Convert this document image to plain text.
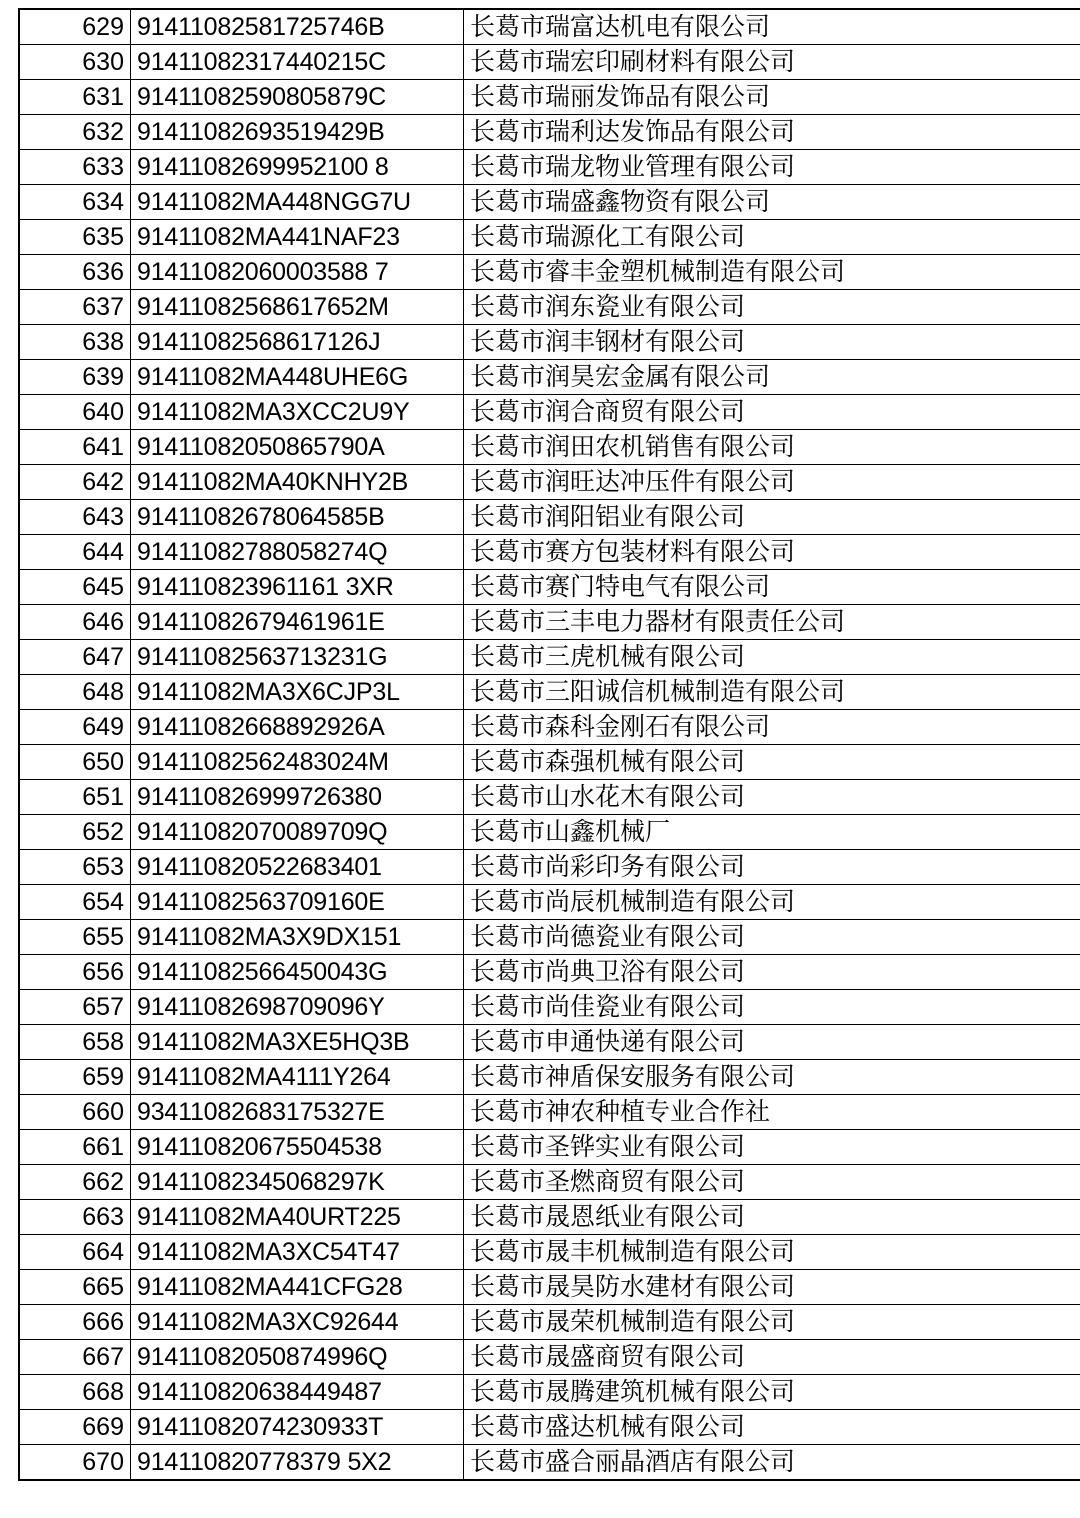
629	91411082581725746B	长葛市瑞富达机电有限公司
630	91411082317440215C	长葛市瑞宏印刷材料有限公司
631	91411082590805879C	长葛市瑞丽发饰品有限公司
632	91411082693519429B	长葛市瑞利达发饰品有限公司
633	91411082699952100 8	长葛市瑞龙物业管理有限公司
634	91411082MA448NGG7U	长葛市瑞盛鑫物资有限公司
635	91411082MA441NAF23	长葛市瑞源化工有限公司
636	91411082060003588 7	长葛市睿丰金塑机械制造有限公司
637	91411082568617652M	长葛市润东瓷业有限公司
638	91411082568617126J	长葛市润丰钢材有限公司
639	91411082MA448UHE6G	长葛市润昊宏金属有限公司
640	91411082MA3XCC2U9Y	长葛市润合商贸有限公司
641	91411082050865790A	长葛市润田农机销售有限公司
642	91411082MA40KNHY2B	长葛市润旺达冲压件有限公司
643	91411082678064585B	长葛市润阳铝业有限公司
644	91411082788058274Q	长葛市赛方包装材料有限公司
645	914110823961161 3XR	长葛市赛门特电气有限公司
646	91411082679461961E	长葛市三丰电力器材有限责任公司
647	91411082563713231G	长葛市三虎机械有限公司
648	91411082MA3X6CJP3L	长葛市三阳诚信机械制造有限公司
649	91411082668892926A	长葛市森科金刚石有限公司
650	91411082562483024M	长葛市森强机械有限公司
651	914110826999726380	长葛市山水花木有限公司
652	91411082070089709Q	长葛市山鑫机械厂
653	914110820522683401	长葛市尚彩印务有限公司
654	91411082563709160E	长葛市尚辰机械制造有限公司
655	91411082MA3X9DX151	长葛市尚德瓷业有限公司
656	91411082566450043G	长葛市尚典卫浴有限公司
657	91411082698709096Y	长葛市尚佳瓷业有限公司
658	91411082MA3XE5HQ3B	长葛市申通快递有限公司
659	91411082MA4111Y264	长葛市神盾保安服务有限公司
660	93411082683175327E	长葛市神农种植专业合作社
661	914110820675504538	长葛市圣铧实业有限公司
662	91411082345068297K	长葛市圣燃商贸有限公司
663	91411082MA40URT225	长葛市晟恩纸业有限公司
664	91411082MA3XC54T47	长葛市晟丰机械制造有限公司
665	91411082MA441CFG28	长葛市晟昊防水建材有限公司
666	91411082MA3XC92644	长葛市晟荣机械制造有限公司
667	91411082050874996Q	长葛市晟盛商贸有限公司
668	914110820638449487	长葛市晟腾建筑机械有限公司
669	91411082074230933T	长葛市盛达机械有限公司
670	914110820778379 5X2	长葛市盛合丽晶酒店有限公司
